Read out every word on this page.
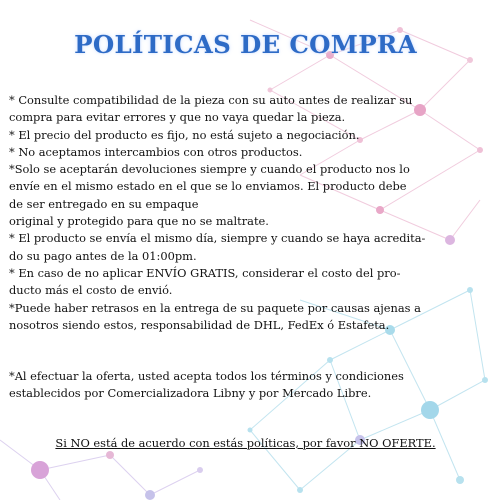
POLÍTICAS DE COMPRA

* Consulte compatibilidad de la pieza con su auto antes de realizar su

compra para evitar errores y que no vaya quedar la pieza.

* El precio del producto es fijo, no está sujeto a negociación.

* No aceptamos intercambios con otros productos.

*Solo se aceptarán devoluciones siempre y cuando el producto nos lo

envíe en el mismo estado en el que se lo enviamos. El producto debe

de ser entregado en su empaque

original y protegido para que no se maltrate.

* El producto se envía el mismo día, siempre y cuando se haya acredita-

do su pago antes de la 01:00pm.

* En caso de no aplicar ENVÍO GRATIS, considerar el costo del pro-

ducto más el costo de envió.

*Puede haber retrasos en la entrega de su paquete por causas ajenas a

nosotros siendo estos, responsabilidad de DHL, FedEx ó Estafeta.

*Al efectuar la oferta, usted acepta todos los términos y condiciones

establecidos por Comercializadora Libny y por Mercado Libre.

Si NO está de acuerdo con estás políticas, por favor NO OFERTE.
